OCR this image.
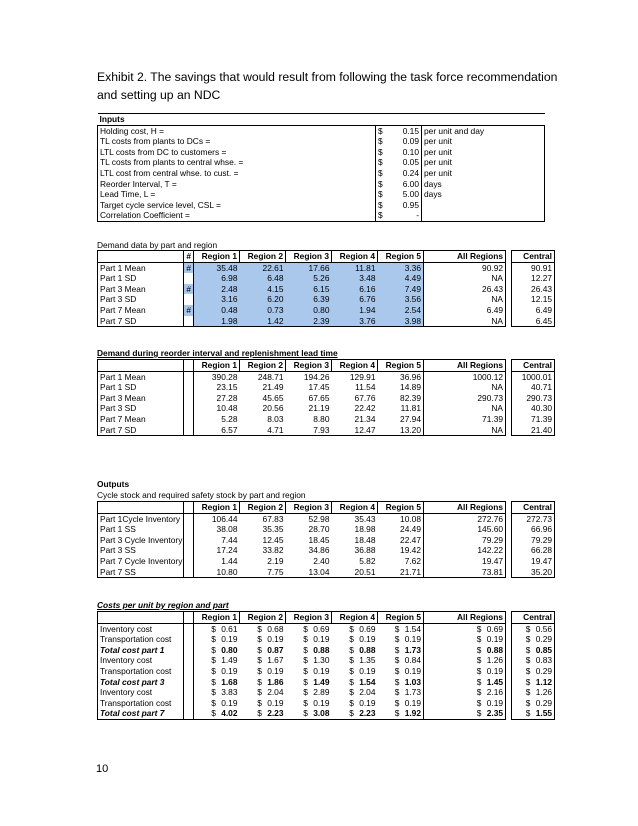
Exhibit 2. The savings that would result from following the task force recommendation
and setting up an NDC
Inputs			
Holding cost, H =	$	0.15	per unit and day
TL costs from plants to DCs =	$	0.09	per unit
LTL costs from DC to customers =	$	0.10	per unit
TL costs from plants to central whse. =	$	0.05	per unit
LTL cost from central whse. to cust. =	$	0.24	per unit
Reorder Interval, T =	$	6.00	days
Lead Time, L =	$	5.00	days
Target cycle service level, CSL =	$	0.95	
Correlation Coefficient =	$	-	
Demand data by part and region
	#	Region 1	Region 2	Region 3	Region 4	Region 5	All Regions		Central
Part 1 Mean	#	35.48	22.61	17.66	11.81	3.36	90.92		90.91
Part 1 SD		6.98	6.48	5.26	3.48	4.49	NA		12.27
Part 3 Mean	#	2.48	4.15	6.15	6.16	7.49	26.43		26.43
Part 3 SD		3.16	6.20	6.39	6.76	3.56	NA		12.15
Part 7 Mean	#	0.48	0.73	0.80	1.94	2.54	6.49		6.49
Part 7 SD		1.98	1.42	2.39	3.76	3.98	NA		6.45
Demand during reorder interval and replenishment lead time
		Region 1	Region 2	Region 3	Region 4	Region 5	All Regions		Central
Part 1 Mean		390.28	248.71	194.26	129.91	36.96	1000.12		1000.01
Part 1 SD		23.15	21.49	17.45	11.54	14.89	NA		40.71
Part 3 Mean		27.28	45.65	67.65	67.76	82.39	290.73		290.73
Part 3 SD		10.48	20.56	21.19	22.42	11.81	NA		40.30
Part 7 Mean		5.28	8.03	8.80	21.34	27.94	71.39		71.39
Part 7 SD		6.57	4.71	7.93	12.47	13.20	NA		21.40
Outputs
Cycle stock and required safety stock by part and region
		Region 1	Region 2	Region 3	Region 4	Region 5	All Regions		Central
Part 1Cycle Inventory		106.44	67.83	52.98	35.43	10.08	272.76		272.73
Part 1 SS		38.08	35.35	28.70	18.98	24.49	145.60		66.96
Part 3 Cycle Inventory		7.44	12.45	18.45	18.48	22.47	79.29		79.29
Part 3 SS		17.24	33.82	34.86	36.88	19.42	142.22		66.28
Part 7 Cycle Inventory		1.44	2.19	2.40	5.82	7.62	19.47		19.47
Part 7 SS		10.80	7.75	13.04	20.51	21.71	73.81		35.20
Costs per unit by region and part
		Region 1	Region 2	Region 3	Region 4	Region 5	All Regions		Central
Inventory cost		$ 0.61	$ 0.68	$ 0.69	$ 0.69	$ 1.54	$ 0.69		$ 0.56
Transportation cost		$ 0.19	$ 0.19	$ 0.19	$ 0.19	$ 0.19	$ 0.19		$ 0.29
Total cost part 1		$ 0.80	$ 0.87	$ 0.88	$ 0.88	$ 1.73	$ 0.88		$ 0.85
Inventory cost		$ 1.49	$ 1.67	$ 1.30	$ 1.35	$ 0.84	$ 1.26		$ 0.83
Transportation cost		$ 0.19	$ 0.19	$ 0.19	$ 0.19	$ 0.19	$ 0.19		$ 0.29
Total cost part 3		$ 1.68	$ 1.86	$ 1.49	$ 1.54	$ 1.03	$ 1.45		$ 1.12
Inventory cost		$ 3.83	$ 2.04	$ 2.89	$ 2.04	$ 1.73	$ 2.16		$ 1.26
Transportation cost		$ 0.19	$ 0.19	$ 0.19	$ 0.19	$ 0.19	$ 0.19		$ 0.29
Total cost part 7		$ 4.02	$ 2.23	$ 3.08	$ 2.23	$ 1.92	$ 2.35		$ 1.55
10
